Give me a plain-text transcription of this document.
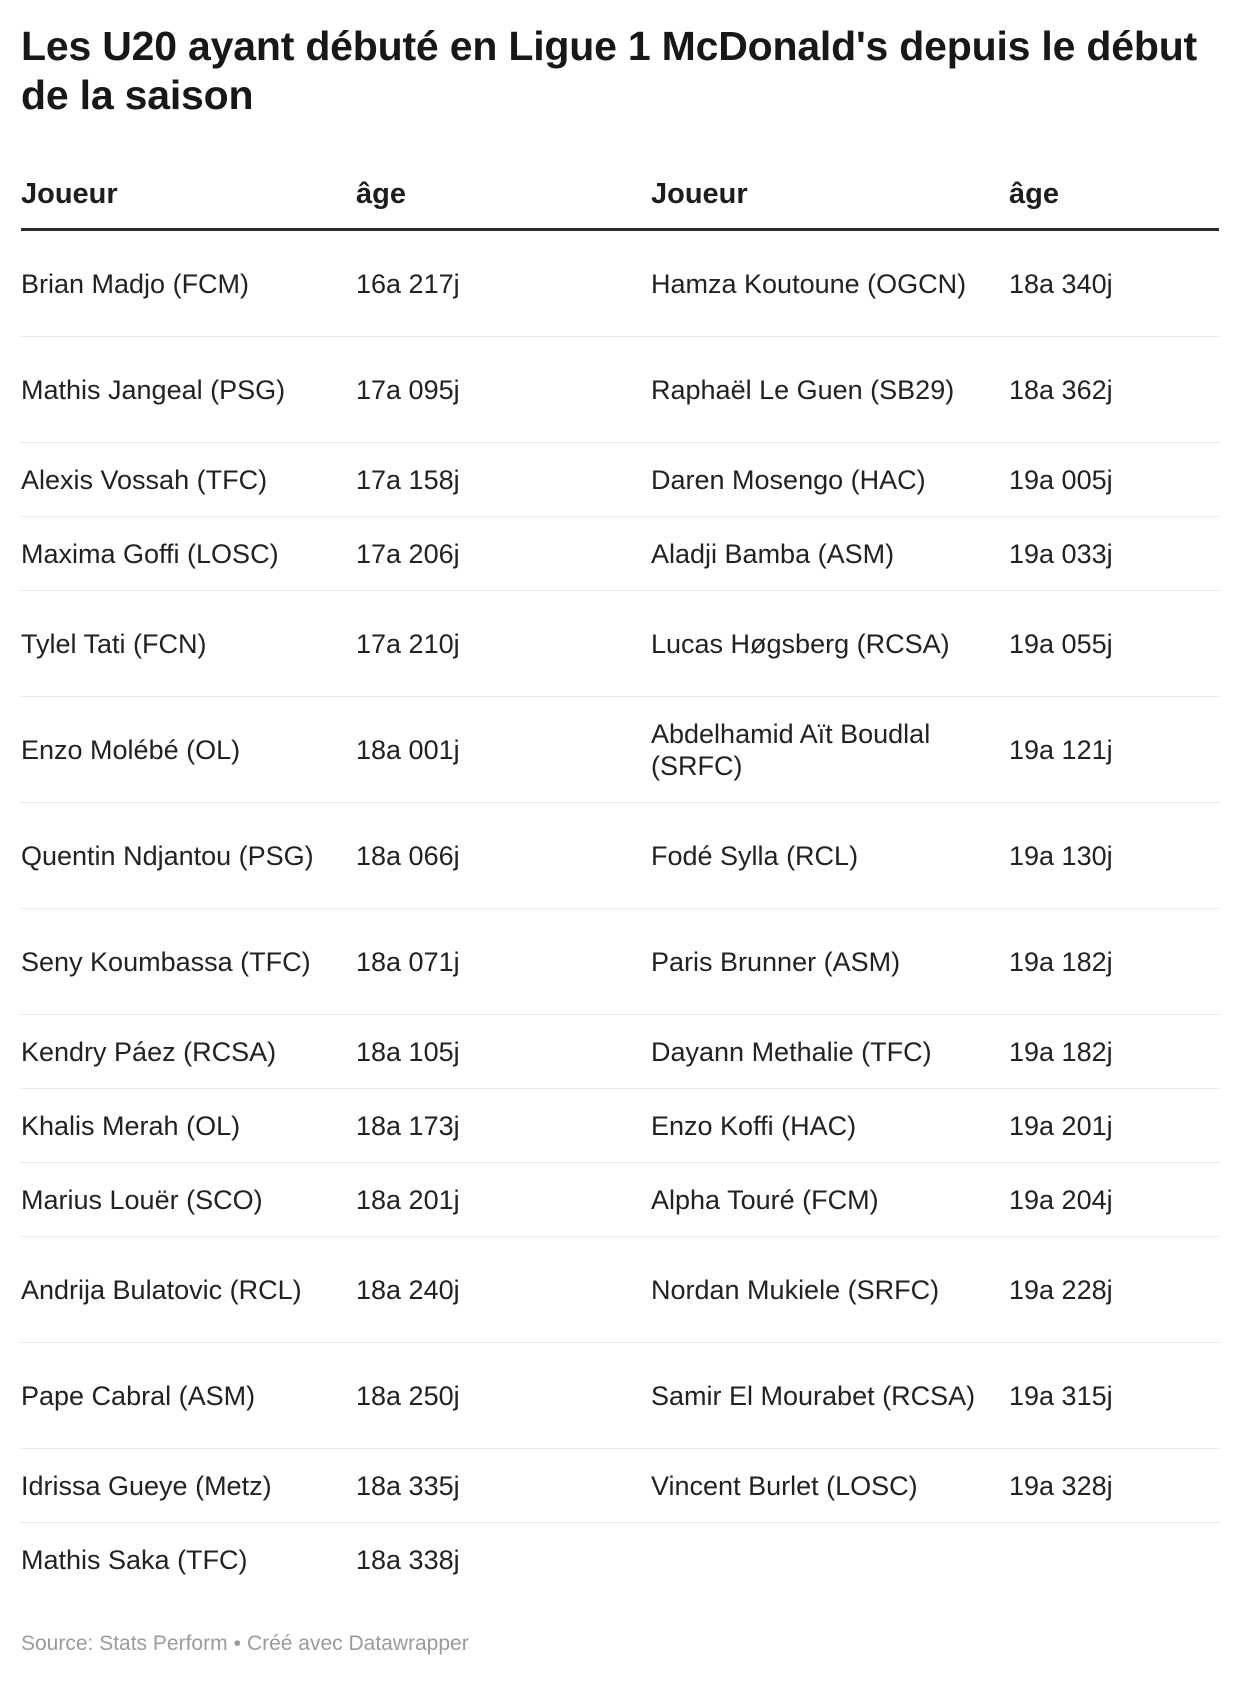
Les U20 ayant débuté en Ligue 1 McDonald's depuis le début de la saison
Joueur	âge	Joueur	âge
Brian Madjo (FCM)	16a 217j	Hamza Koutoune (OGCN)	18a 340j
Mathis Jangeal (PSG)	17a 095j	Raphaël Le Guen (SB29)	18a 362j
Alexis Vossah (TFC)	17a 158j	Daren Mosengo (HAC)	19a 005j
Maxima Goffi (LOSC)	17a 206j	Aladji Bamba (ASM)	19a 033j
Tylel Tati (FCN)	17a 210j	Lucas Høgsberg (RCSA)	19a 055j
Enzo Molébé (OL)	18a 001j	Abdelhamid Aït Boudlal (SRFC)	19a 121j
Quentin Ndjantou (PSG)	18a 066j	Fodé Sylla (RCL)	19a 130j
Seny Koumbassa (TFC)	18a 071j	Paris Brunner (ASM)	19a 182j
Kendry Páez (RCSA)	18a 105j	Dayann Methalie (TFC)	19a 182j
Khalis Merah (OL)	18a 173j	Enzo Koffi (HAC)	19a 201j
Marius Louër (SCO)	18a 201j	Alpha Touré (FCM)	19a 204j
Andrija Bulatovic (RCL)	18a 240j	Nordan Mukiele (SRFC)	19a 228j
Pape Cabral (ASM)	18a 250j	Samir El Mourabet (RCSA)	19a 315j
Idrissa Gueye (Metz)	18a 335j	Vincent Burlet (LOSC)	19a 328j
Mathis Saka (TFC)	18a 338j		
Source: Stats Perform • Créé avec Datawrapper
